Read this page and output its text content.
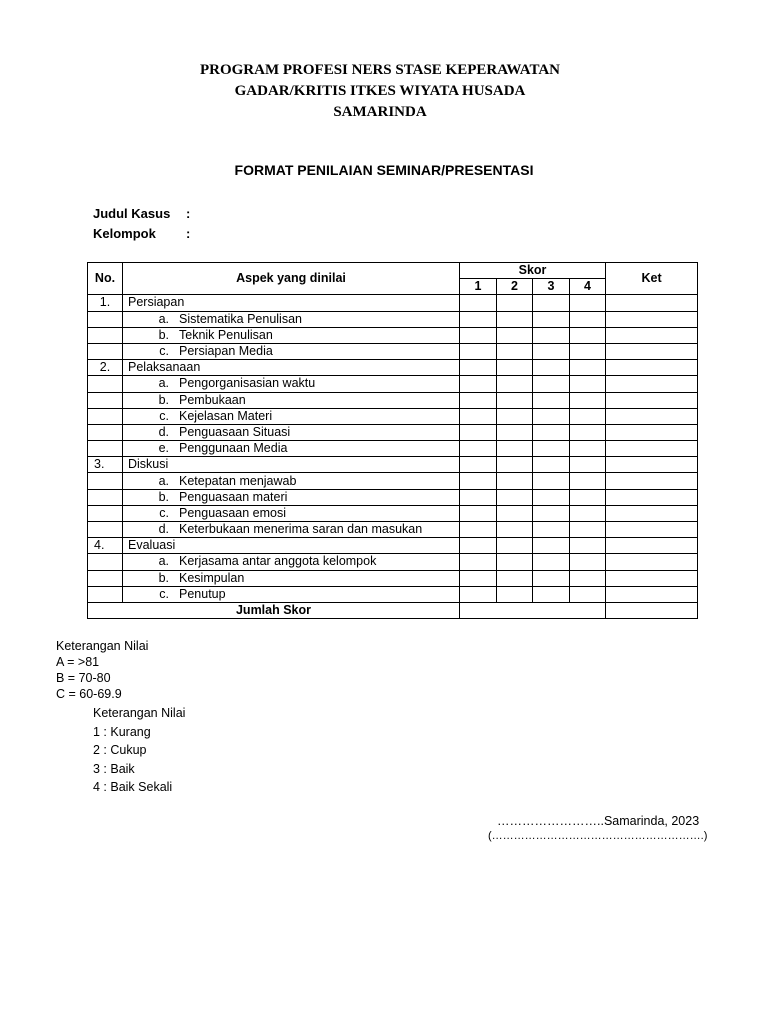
PROGRAM PROFESI NERS STASE KEPERAWATAN
GADAR/KRITIS ITKES WIYATA HUSADA
SAMARINDA
FORMAT PENILAIAN SEMINAR/PRESENTASI
Judul Kasus :
Kelompok :
No.	Aspek yang dinilai	Skor				Ket
		1	2	3	4	
1.	Persiapan					
	a. Sistematika Penulisan					
	b. Teknik Penulisan					
	c. Persiapan Media					
2.	Pelaksanaan					
	a. Pengorganisasian waktu					
	b. Pembukaan					
	c. Kejelasan Materi					
	d. Penguasaan Situasi					
	e. Penggunaan Media					
3.	Diskusi					
	a. Ketepatan menjawab					
	b. Penguasaan materi					
	c. Penguasaan emosi					
	d. Keterbukaan menerima saran dan masukan					
4.	Evaluasi					
	a. Kerjasama antar anggota kelompok					
	b. Kesimpulan					
	c. Penutup					
Jumlah Skor						
Keterangan Nilai
A = >81
B = 70-80
C = 60-69.9
Keterangan Nilai
1 : Kurang
2 : Cukup
3 : Baik
4 : Baik Sekali
……………………..Samarinda, 2023
(………………………………………………….)
